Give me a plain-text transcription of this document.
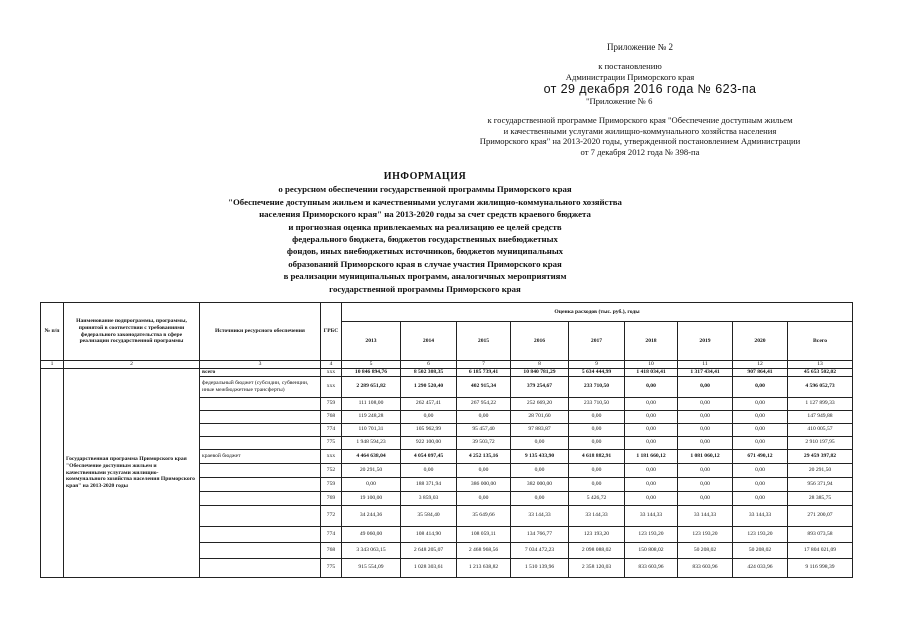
Приложение № 2
к постановлению
Администрации Приморского края
от 29 декабря 2016 года № 623-па
"Приложение № 6
к государственной программе Приморского края "Обеспечение доступным жильем
и качественными услугами жилищно-коммунального хозяйства населения
Приморского края" на 2013-2020 годы, утвержденной постановлением Администрации
от 7 декабря 2012 года № 398-па
ИНФОРМАЦИЯ
о ресурсном обеспечении государственной программы Приморского края
"Обеспечение доступным жильем и качественными услугами жилищно-коммунального хозяйства
населения Приморского края" на 2013-2020 годы за счет средств краевого бюджета
и прогнозная оценка привлекаемых на реализацию ее целей средств
федерального бюджета, бюджетов государственных внебюджетных
фондов, иных внебюджетных источников, бюджетов муниципальных
образований Приморского края в случае участия Приморского края
в реализации муниципальных программ, аналогичных мероприятиям
государственной программы Приморского края
№ п/п	Наименование подпрограммы, программы, принятой в соответствии с требованиями федерального законодательства в сфере реализации государственной программы	Источники ресурсного обеспечения	ГРБС	Оценка расходов (тыс. руб.), годы								
				2013	2014	2015	2016	2017	2018	2019	2020	Всего
1	2	3	4	5	6	7	8	9	10	11	12	13
	Государственная программа Приморского края "Обеспечение доступным жильем и качественными услугами жилищно-коммунального хозяйства населения Приморского края" на 2013-2020 годы	всего	ххх	10 846 894,76	8 502 308,35	6 185 739,41	10 840 781,29	5 634 444,99	1 418 034,41	1 317 434,41	907 864,41	45 653 502,02
		федеральный бюджет (субсидии, субвенции, иные межбюджетные трансферты)	ххх	2 289 651,82	1 290 520,40	402 915,34	379 254,67	233 710,50	0,00	0,00	0,00	4 596 052,73
			759	111 108,00	262 457,41	267 954,22	252 669,20	233 710,50	0,00	0,00	0,00	1 127 899,33
			768	119 248,28	0,00	0,00	28 701,60	0,00	0,00	0,00	0,00	147 949,88
			774	110 701,31	105 962,99	95 457,40	97 883,87	0,00	0,00	0,00	0,00	410 005,57
			775	1 948 594,23	922 100,00	39 503,72	0,00	0,00	0,00	0,00	0,00	2 910 197,95
		краевой бюджет	ххх	4 464 638,04	4 054 097,45	4 252 135,16	9 135 433,90	4 618 882,91	1 181 660,12	1 081 060,12	671 490,12	29 459 397,82
			752	20 291,50	0,00	0,00	0,00	0,00	0,00	0,00	0,00	20 291,50
			759	0,00	188 371,94	386 000,00	382 000,00	0,00	0,00	0,00	0,00	956 371,94
			769	19 100,00	3 859,03	0,00	0,00	5 426,72	0,00	0,00	0,00	28 385,75
			772	34 244,36	35 584,40	35 649,66	33 144,33	33 144,33	33 144,33	33 144,33	33 144,33	271 200,07
			774	49 060,00	108 414,90	108 059,11	134 766,77	123 193,20	123 193,20	123 193,20	123 193,20	893 073,58
			768	3 343 063,15	2 648 205,07	2 468 968,56	7 034 472,23	2 098 088,02	150 808,02	50 208,02	50 208,02	17 804 021,09
			775	915 554,09	1 028 303,61	1 213 638,82	1 510 139,96	2 358 120,03	833 603,96	833 603,96	424 033,96	9 116 998,39
